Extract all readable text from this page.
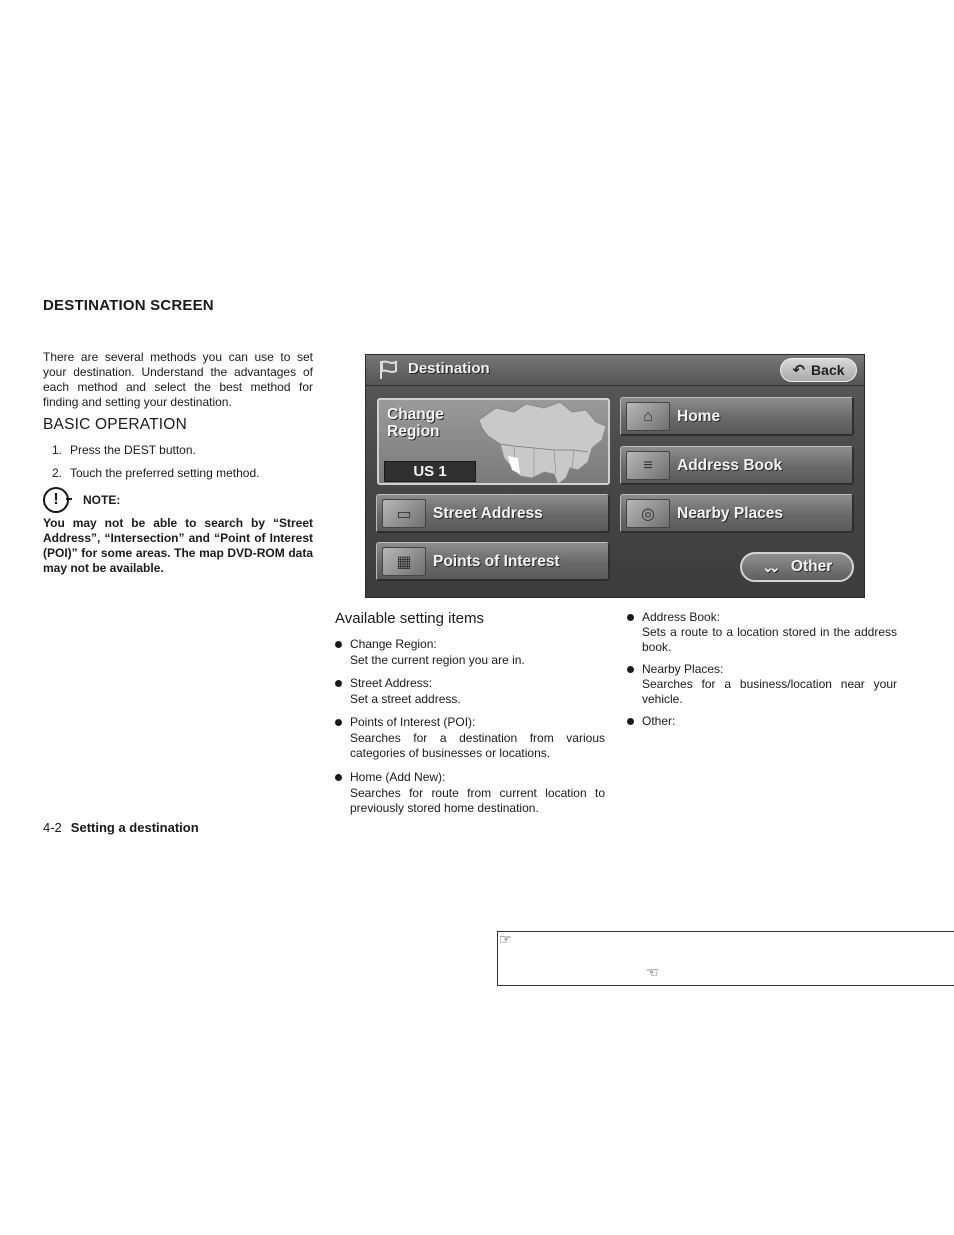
DESTINATION SCREEN
There are several methods you can use to set your destination. Understand the advantages of each method and select the best method for finding and setting your destination.
BASIC OPERATION
1. Press the DEST button.
2. Touch the preferred setting method.
!	NOTE:
You may not be able to search by “Street Address”, “Intersection” and “Point of Interest (POI)” for some areas. The map DVD-ROM data may not be available.
Destination	↶ Back
Change
Region
US 1
⌂	Home
≡	Address Book
▭	Street Address	◎	Nearby Places
▦	Points of Interest	⌄⌄ Other
Available setting items
Change Region:
Set the current region you are in.
Street Address:
Set a street address.
Points of Interest (POI):
Searches for a destination from various categories of businesses or locations.
Home (Add New):
Searches for route from current location to previously stored home destination.
Address Book:
Sets a route to a location stored in the address book.
Nearby Places:
Searches for a business/location near your vehicle.
Other:
4-2 Setting a destination
☞
☜
